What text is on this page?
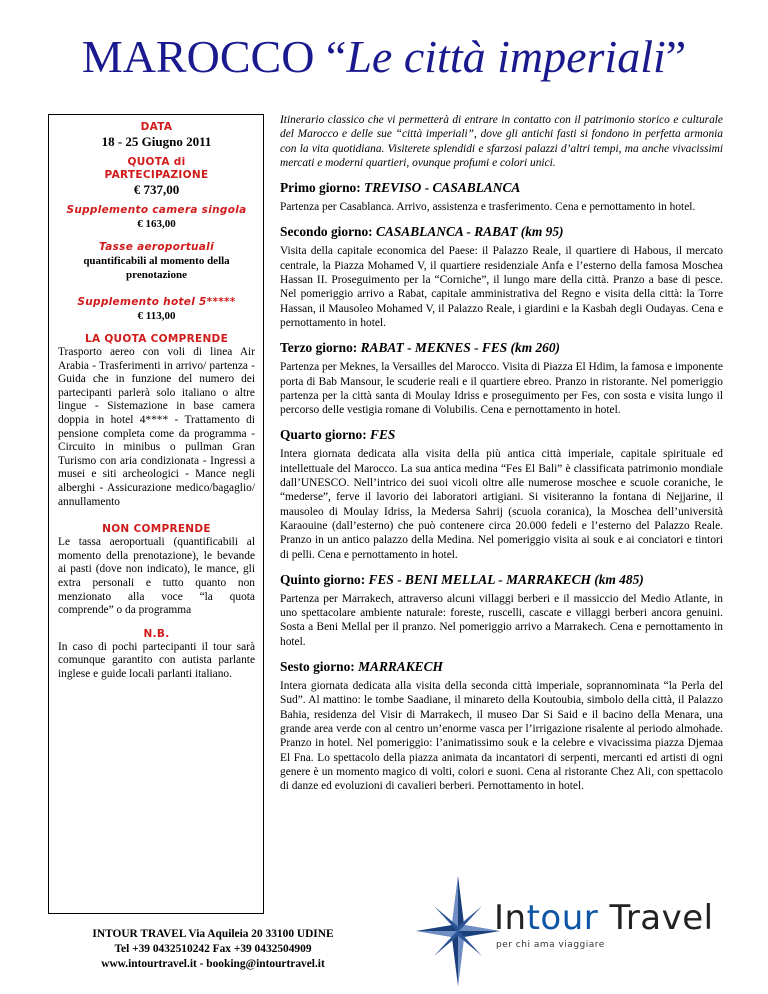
MAROCCO “Le città imperiali”
DATA
18 - 25 Giugno 2011
QUOTA di PARTECIPAZIONE
€ 737,00
Supplemento camera singola
€ 163,00
Tasse aeroportuali
quantificabili al momento della prenotazione
Supplemento hotel 5*****
€ 113,00
LA QUOTA COMPRENDE
Trasporto aereo con voli di linea Air Arabia - Trasferimenti in arrivo/ partenza - Guida che in funzione del numero dei partecipanti parlerà solo italiano o altre lingue - Sistemazione in base camera doppia in hotel 4**** - Trattamento di pensione completa come da programma - Circuito in minibus o pullman Gran Turismo con aria condizionata - Ingressi a musei e siti archeologici - Mance negli alberghi - Assicurazione medico/bagaglio/ annullamento
NON COMPRENDE
Le tassa aeroportuali (quantificabili al momento della prenotazione), le bevande ai pasti (dove non indicato), le mance, gli extra personali e tutto quanto non menzionato alla voce “la quota comprende” o da programma
N.B.
In caso di pochi partecipanti il tour sarà comunque garantito con autista parlante inglese e guide locali parlanti italiano.
Itinerario classico che vi permetterà di entrare in contatto con il patrimonio storico e culturale del Marocco e delle sue “città imperiali”, dove gli antichi fasti si fondono in perfetta armonia con la vita quotidiana. Visiterete splendidi e sfarzosi palazzi d’altri tempi, ma anche vivacissimi mercati e moderni quartieri, ovunque profumi e colori unici.
Primo giorno: TREVISO - CASABLANCA
Partenza per Casablanca. Arrivo, assistenza e trasferimento. Cena e pernottamento in hotel.
Secondo giorno: CASABLANCA - RABAT (km 95)
Visita della capitale economica del Paese: il Palazzo Reale, il quartiere di Habous, il mercato centrale, la Piazza Mohamed V, il quartiere residenziale Anfa e l’esterno della famosa Moschea Hassan II. Proseguimento per la “Corniche”, il lungo mare della città. Pranzo a base di pesce. Nel pomeriggio arrivo a Rabat, capitale amministrativa del Regno e visita della città: la Torre Hassan, il Mausoleo Mohamed V, il Palazzo Reale, i giardini e la Kasbah degli Oudayas. Cena e pernottamento in hotel.
Terzo giorno: RABAT - MEKNES - FES (km 260)
Partenza per Meknes, la Versailles del Marocco. Visita di Piazza El Hdim, la famosa e imponente porta di Bab Mansour, le scuderie reali e il quartiere ebreo. Pranzo in ristorante. Nel pomeriggio partenza per la città santa di Moulay Idriss e proseguimento per Fes, con sosta e visita lungo il percorso delle vestigia romane di Volubilis. Cena e pernottamento in hotel.
Quarto giorno: FES
Intera giornata dedicata alla visita della più antica città imperiale, capitale spirituale ed intellettuale del Marocco. La sua antica medina “Fes El Bali” è classificata patrimonio mondiale dall’UNESCO. Nell’intrico dei suoi vicoli oltre alle numerose moschee e scuole coraniche, le “mederse”, ferve il lavorio dei laboratori artigiani. Si visiteranno la fontana di Nejjarine, il mausoleo di Moulay Idriss, la Medersa Sahrij (scuola coranica), la Moschea dell’università Karaouine (dall’esterno) che può contenere circa 20.000 fedeli e l’esterno del Palazzo Reale. Pranzo in un antico palazzo della Medina. Nel pomeriggio visita ai souk e ai conciatori e tintori di pelli. Cena e pernottamento in hotel.
Quinto giorno: FES - BENI MELLAL - MARRAKECH (km 485)
Partenza per Marrakech, attraverso alcuni villaggi berberi e il massiccio del Medio Atlante, in uno spettacolare ambiente naturale: foreste, ruscelli, cascate e villaggi berberi ancora genuini. Sosta a Beni Mellal per il pranzo. Nel pomeriggio arrivo a Marrakech. Cena e pernottamento in hotel.
Sesto giorno: MARRAKECH
Intera giornata dedicata alla visita della seconda città imperiale, soprannominata “la Perla del Sud”. Al mattino: le tombe Saadiane, il minareto della Koutoubia, simbolo della città, il Palazzo Bahia, residenza del Visir di Marrakech, il museo Dar Si Said e il bacino della Menara, una grande area verde con al centro un’enorme vasca per l’irrigazione risalente al periodo almohade. Pranzo in hotel. Nel pomeriggio: l’animatissimo souk e la celebre e vivacissima piazza Djemaa El Fna. Lo spettacolo della piazza animata da incantatori di serpenti, mercanti ed artisti di ogni genere è un momento magico di volti, colori e suoni. Cena al ristorante Chez Ali, con spettacolo di danze ed evoluzioni di cavalieri berberi. Pernottamento in hotel.
INTOUR TRAVEL Via Aquileia 20 33100 UDINE
Tel +39 0432510242 Fax +39 0432504909
www.intourtravel.it - booking@intourtravel.it
Intour Travel
per chi ama viaggiare
